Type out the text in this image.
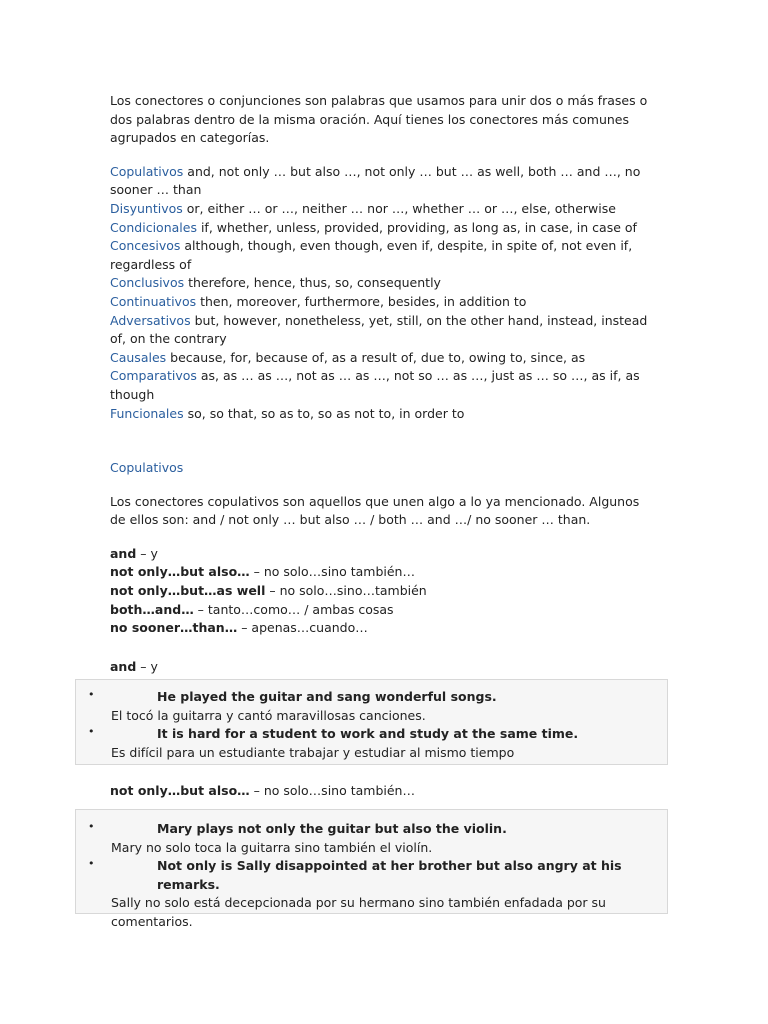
Los conectores o conjunciones son palabras que usamos para unir dos o más frases o dos palabras dentro de la misma oración. Aquí tienes los conectores más comunes agrupados en categorías.

Copulativos and, not only … but also …, not only … but … as well, both … and …, no sooner … than

Disyuntivos or, either … or …, neither … nor …, whether … or …, else, otherwise

Condicionales if, whether, unless, provided, providing, as long as, in case, in case of

Concesivos although, though, even though, even if, despite, in spite of, not even if, regardless of

Conclusivos therefore, hence, thus, so, consequently

Continuativos then, moreover, furthermore, besides, in addition to

Adversativos but, however, nonetheless, yet, still, on the other hand, instead, instead of, on the contrary

Causales because, for, because of, as a result of, due to, owing to, since, as

Comparativos as, as … as …, not as … as …, not so … as …, just as … so …, as if, as though

Funcionales so, so that, so as to, so as not to, in order to

Copulativos

Los conectores copulativos son aquellos que unen algo a lo ya mencionado. Algunos de ellos son: and / not only … but also … / both … and …/ no sooner … than.

and – y

not only…but also… – no solo…sino también…

not only…but…as well – no solo…sino…también

both…and… – tanto…como… / ambas cosas

no sooner…than… – apenas…cuando…

and – y

•	He played the guitar and sang wonderful songs.
El tocó la guitarra y cantó maravillosas canciones.
•	It is hard for a student to work and study at the same time.
Es difícil para un estudiante trabajar y estudiar al mismo tiempo

not only…but also… – no solo…sino también…

•	Mary plays not only the guitar but also the violin.
Mary no solo toca la guitarra sino también el violín.
•	Not only is Sally disappointed at her brother but also angry at his remarks.
Sally no solo está decepcionada por su hermano sino también enfadada por su comentarios.
